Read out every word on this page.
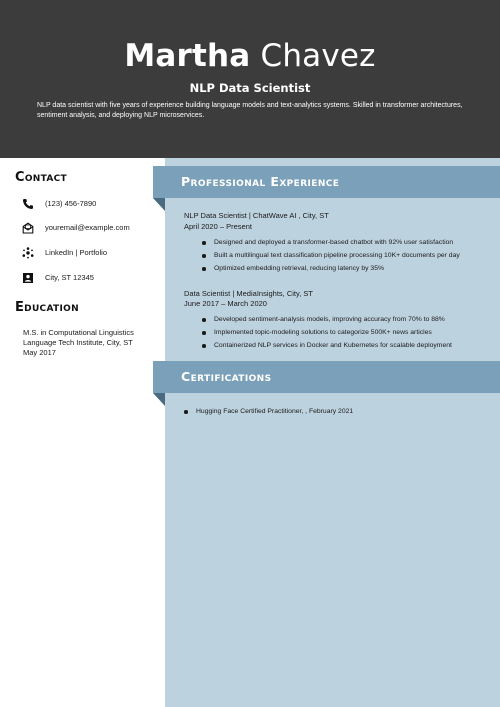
Martha Chavez
NLP Data Scientist
NLP data scientist with five years of experience building language models and text-analytics systems. Skilled in transformer architectures, sentiment analysis, and deploying NLP microservices.
Contact
(123) 456-7890
youremail@example.com
LinkedIn | Portfolio
City, ST 12345
Education
M.S. in Computational Linguistics
Language Tech Institute, City, ST
May 2017
Professional Experience
NLP Data Scientist | ChatWave AI , City, ST
April 2020 – Present
Designed and deployed a transformer-based chatbot with 92% user satisfaction
Built a multilingual text classification pipeline processing 10K+ documents per day
Optimized embedding retrieval, reducing latency by 35%
Data Scientist | MediaInsights, City, ST
June 2017 – March 2020
Developed sentiment-analysis models, improving accuracy from 70% to 88%
Implemented topic-modeling solutions to categorize 500K+ news articles
Containerized NLP services in Docker and Kubernetes for scalable deployment
Certifications
Hugging Face Certified Practitioner, , February 2021
